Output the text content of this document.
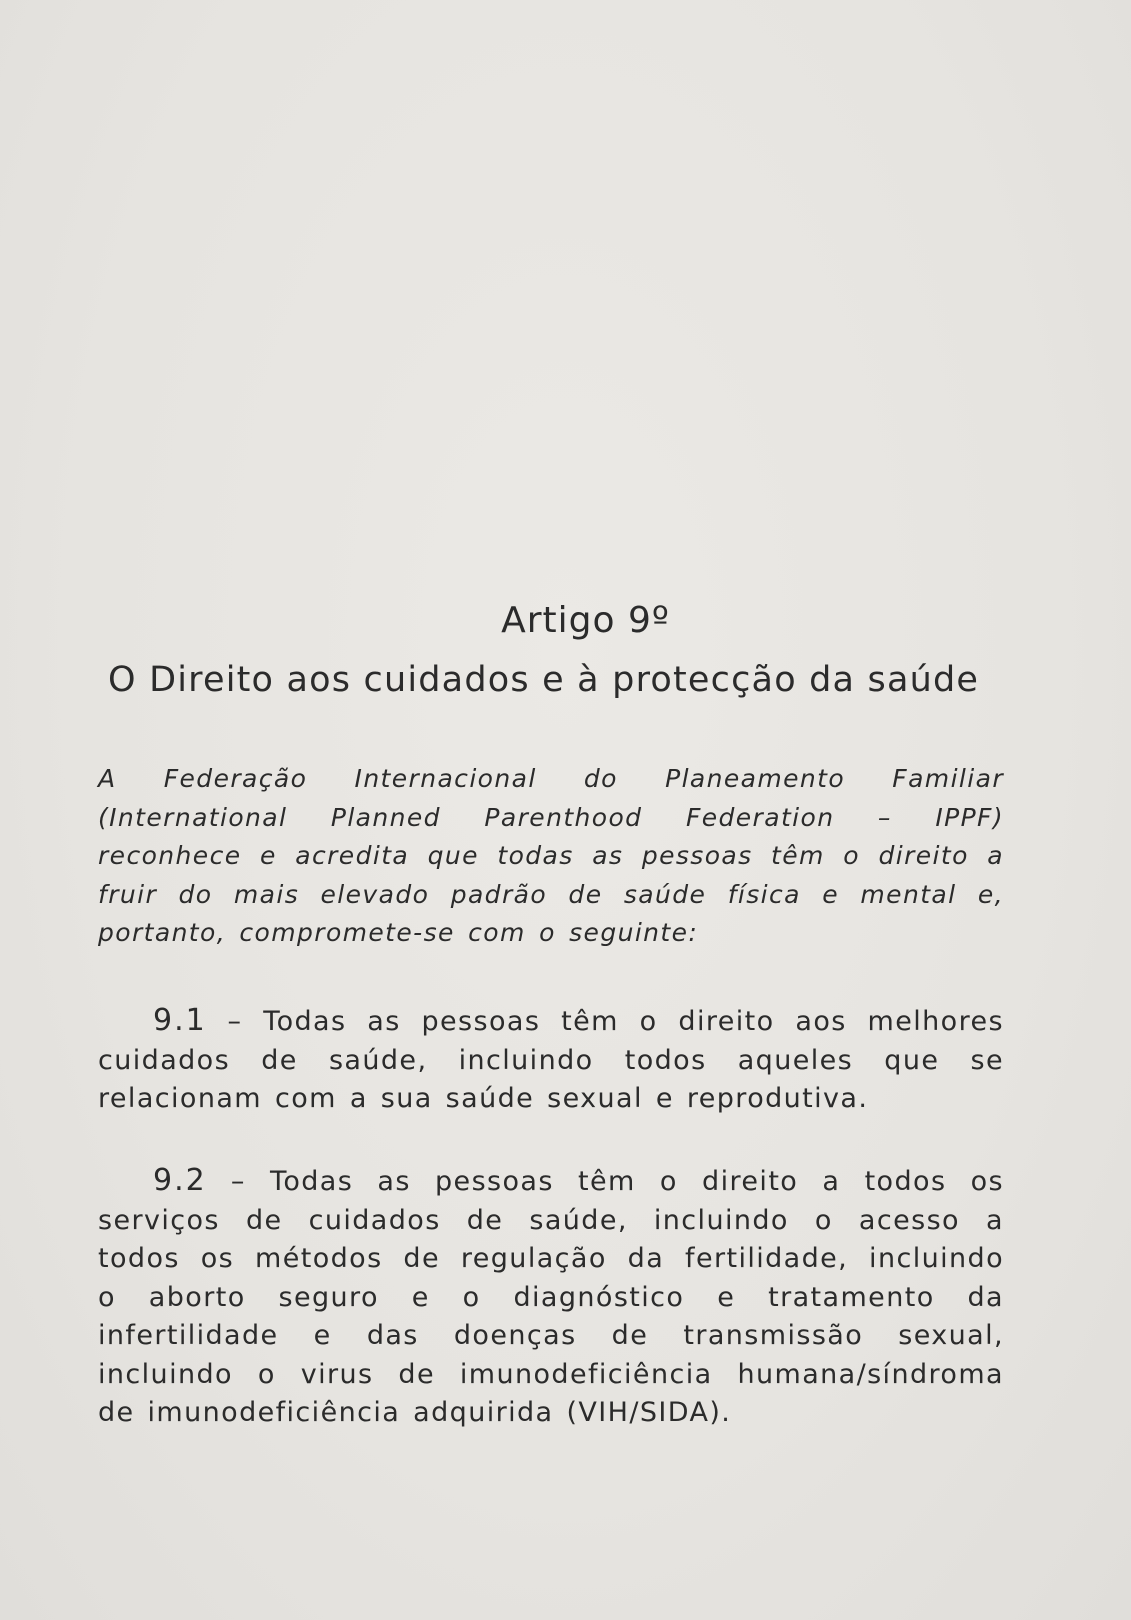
Artigo 9º
O Direito aos cuidados e à protecção da saúde
A Federação Internacional do Planeamento Familiar
(International Planned Parenthood Federation – IPPF)
reconhece e acredita que todas as pessoas têm o direito a
fruir do mais elevado padrão de saúde física e mental e,
portanto, compromete-se com o seguinte:
9.1 – Todas as pessoas têm o direito aos melhores
cuidados de saúde, incluindo todos aqueles que se
relacionam com a sua saúde sexual e reprodutiva.
9.2 – Todas as pessoas têm o direito a todos os
serviços de cuidados de saúde, incluindo o acesso a
todos os métodos de regulação da fertilidade, incluindo
o aborto seguro e o diagnóstico e tratamento da
infertilidade e das doenças de transmissão sexual,
incluindo o virus de imunodeficiência humana/síndroma
de imunodeficiência adquirida (VIH/SIDA).
